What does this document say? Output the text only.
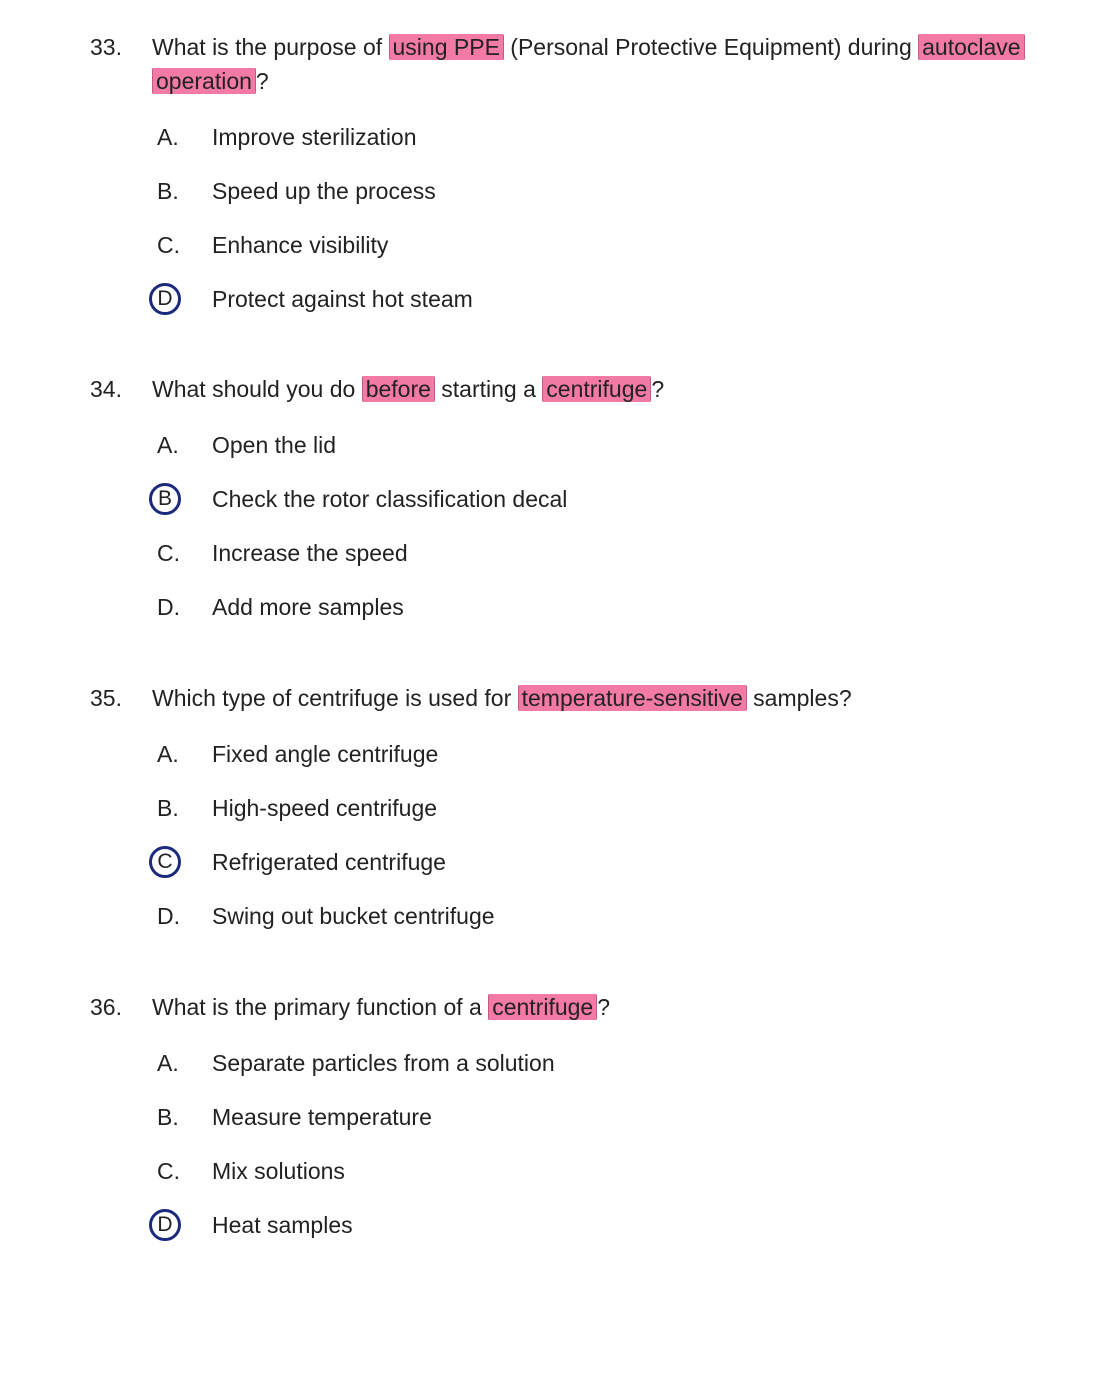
33. What is the purpose of using PPE (Personal Protective Equipment) during autoclave operation ?
A. Improve sterilization
B. Speed up the process
C. Enhance visibility
D	Protect against hot steam
34. What should you do before starting a centrifuge ?
A. Open the lid
B	Check the rotor classification decal
C. Increase the speed
D. Add more samples
35. Which type of centrifuge is used for temperature-sensitive samples?
A. Fixed angle centrifuge
B. High-speed centrifuge
C	Refrigerated centrifuge
D. Swing out bucket centrifuge
36. What is the primary function of a centrifuge ?
A. Separate particles from a solution
B. Measure temperature
C. Mix solutions
D	Heat samples
